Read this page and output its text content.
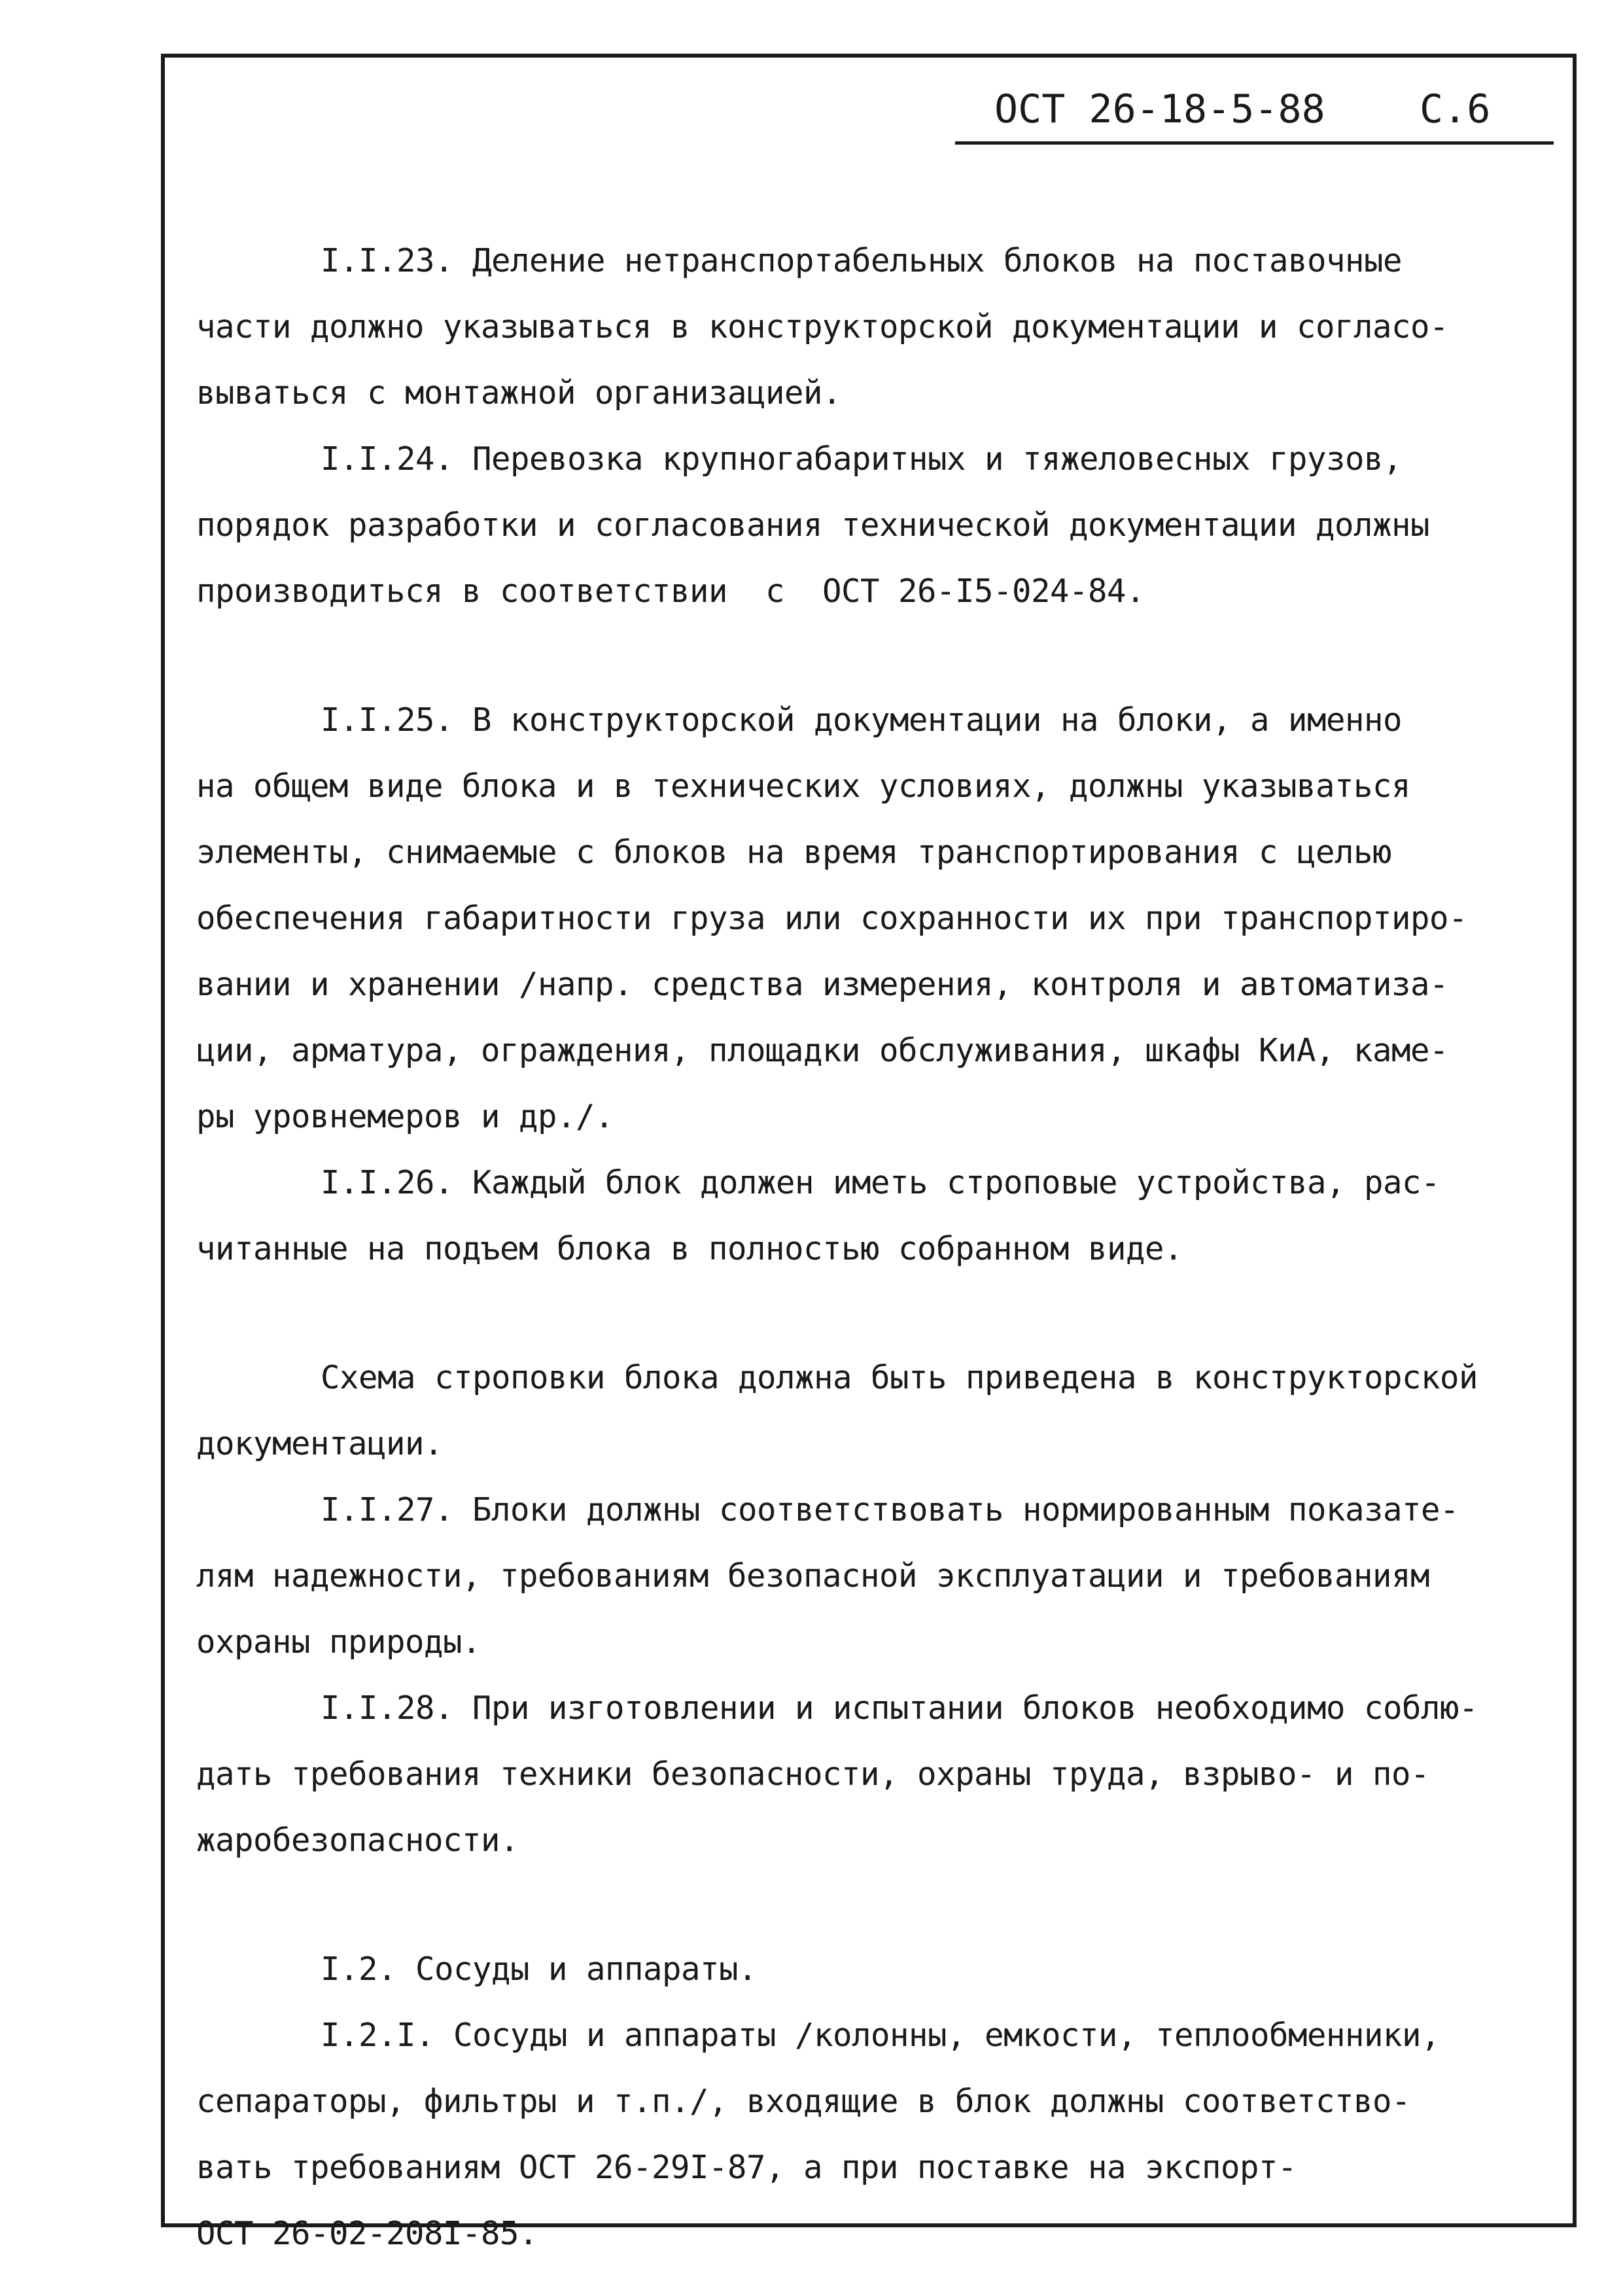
ОСТ 26-18-5-88 С.6
I.I.23. Деление нетранспортабельных блоков на поставочные
части должно указываться в конструкторской документации и согласо-
вываться с монтажной организацией.
I.I.24. Перевозка крупногабаритных и тяжеловесных грузов,
порядок разработки и согласования технической документации должны
производиться в соответствии  с  ОСТ 26-I5-024-84.
I.I.25. В конструкторской документации на блоки, а именно
на общем виде блока и в технических условиях, должны указываться
элементы, снимаемые с блоков на время транспортирования с целью
обеспечения габаритности груза или сохранности их при транспортиро-
вании и хранении /напр. средства измерения, контроля и автоматиза-
ции, арматура, ограждения, площадки обслуживания, шкафы КиА, каме-
ры уровнемеров и др./.
I.I.26. Каждый блок должен иметь строповые устройства, рас-
читанные на подъем блока в полностью собранном виде.
Схема строповки блока должна быть приведена в конструкторской
документации.
I.I.27. Блоки должны соответствовать нормированным показате-
лям надежности, требованиям безопасной эксплуатации и требованиям
охраны природы.
I.I.28. При изготовлении и испытании блоков необходимо соблю-
дать требования техники безопасности, охраны труда, взрыво- и по-
жаробезопасности.
I.2. Сосуды и аппараты.
I.2.I. Сосуды и аппараты /колонны, емкости, теплообменники,
сепараторы, фильтры и т.п./, входящие в блок должны соответство-
вать требованиям ОСТ 26-29I-87, а при поставке на экспорт-
ОСТ 26-02-208I-85.
